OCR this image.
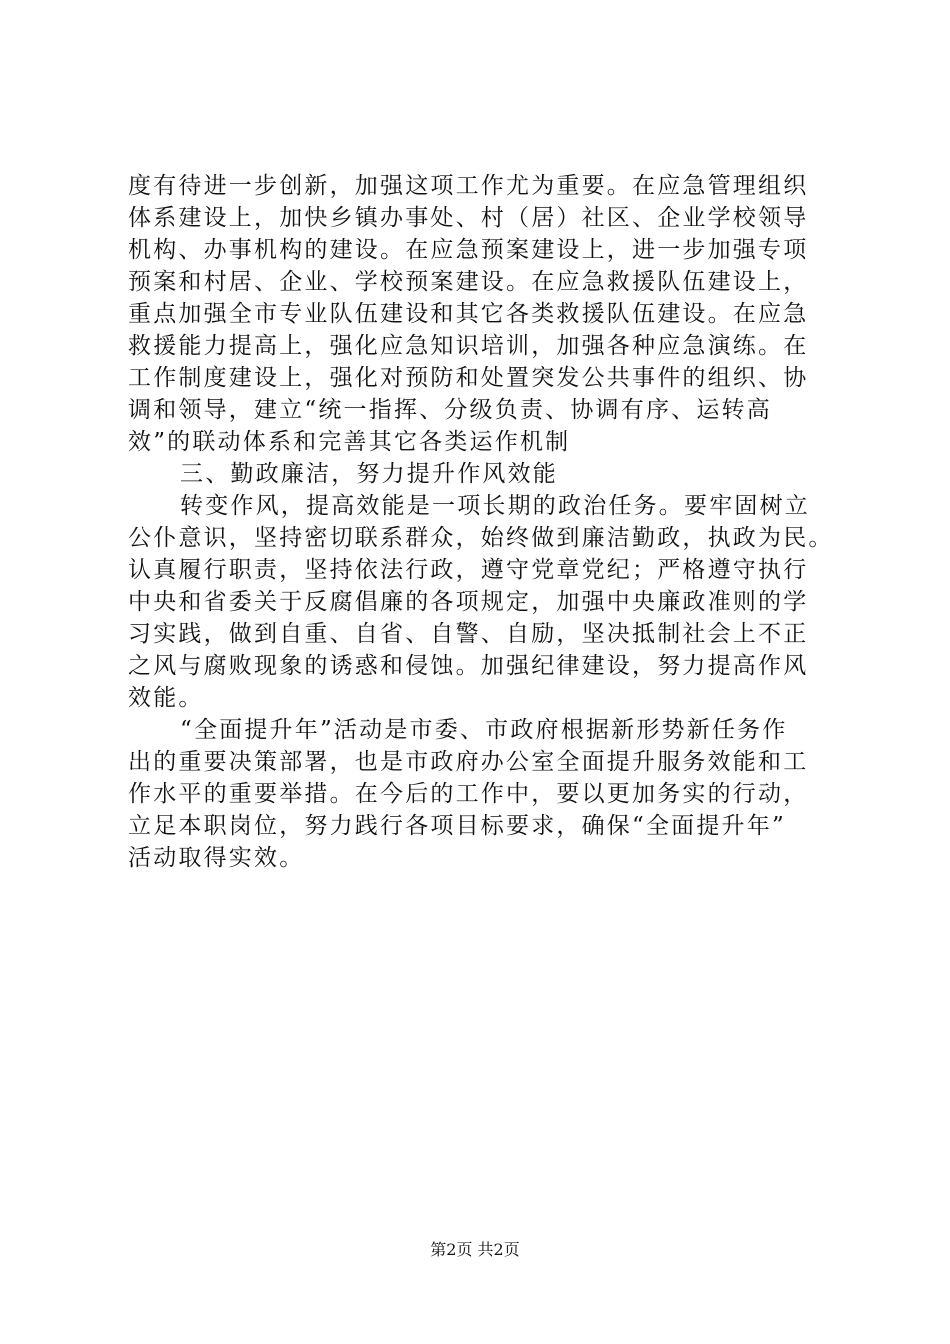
度有待进一步创新，加强这项工作尤为重要。在应急管理组织
体系建设上，加快乡镇办事处、村（居）社区、企业学校领导
机构、办事机构的建设。在应急预案建设上，进一步加强专项
预案和村居、企业、学校预案建设。在应急救援队伍建设上，
重点加强全市专业队伍建设和其它各类救援队伍建设。在应急
救援能力提高上，强化应急知识培训，加强各种应急演练。在
工作制度建设上，强化对预防和处置突发公共事件的组织、协
调和领导，建立“统一指挥、分级负责、协调有序、运转高
效”的联动体系和完善其它各类运作机制
三、勤政廉洁，努力提升作风效能
转变作风，提高效能是一项长期的政治任务。要牢固树立
公仆意识，坚持密切联系群众，始终做到廉洁勤政，执政为民。
认真履行职责，坚持依法行政，遵守党章党纪；严格遵守执行
中央和省委关于反腐倡廉的各项规定，加强中央廉政准则的学
习实践，做到自重、自省、自警、自励，坚决抵制社会上不正
之风与腐败现象的诱惑和侵蚀。加强纪律建设，努力提高作风
效能。
“全面提升年”活动是市委、市政府根据新形势新任务作
出的重要决策部署，也是市政府办公室全面提升服务效能和工
作水平的重要举措。在今后的工作中，要以更加务实的行动，
立足本职岗位，努力践行各项目标要求，确保“全面提升年”
活动取得实效。
第2页 共2页
